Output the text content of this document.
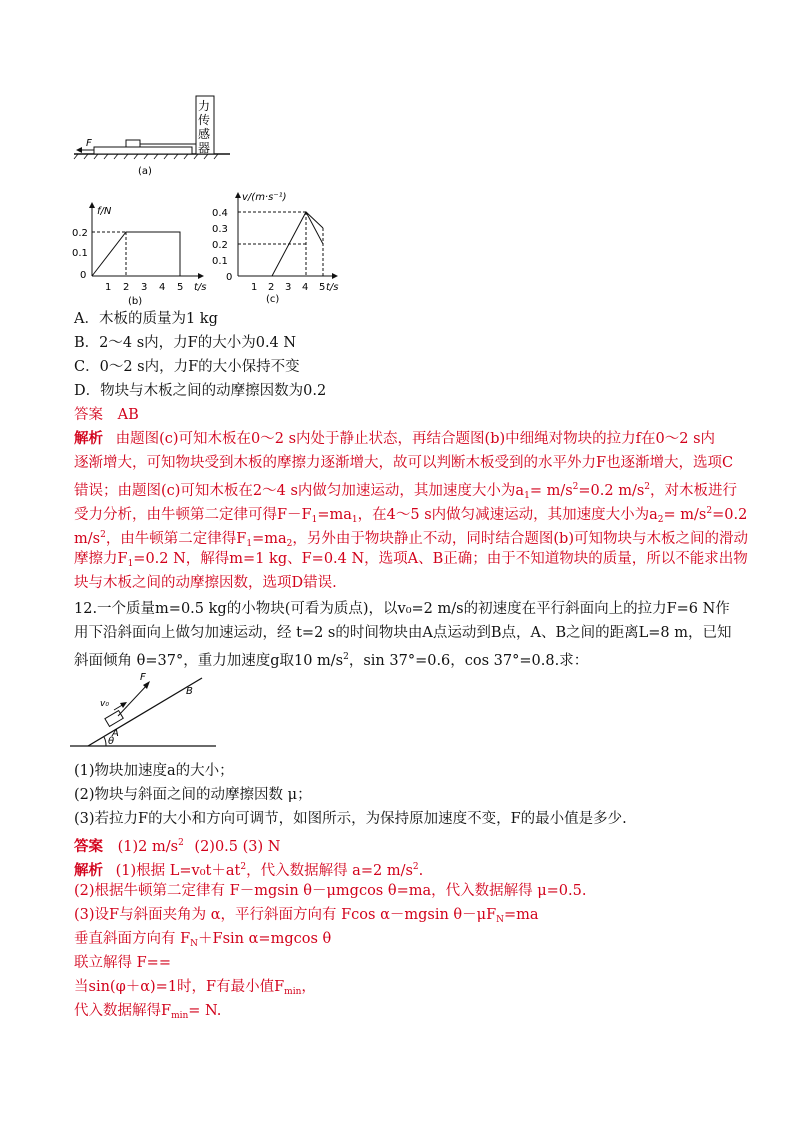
力
传
感
器
F
(a)
f/N
t/s
0.2
0.1
0
1 2 3 4 5
(b)
v/(m·s⁻¹)
t/s
0.4
0.3
0.2
0.1
0
1 2 3 4 5
(c)
A．木板的质量为1 kg
B．2～4 s内，力F的大小为0.4 N
C．0～2 s内，力F的大小保持不变
D．物块与木板之间的动摩擦因数为0.2
答案 AB
解析 由题图(c)可知木板在0～2 s内处于静止状态，再结合题图(b)中细绳对物块的拉力f在0～2 s内
逐渐增大，可知物块受到木板的摩擦力逐渐增大，故可以判断木板受到的水平外力F也逐渐增大，选项C
错误；由题图(c)可知木板在2～4 s内做匀加速运动，其加速度大小为$a_1= m/s^2=0.2$ $m/s^2$，对木板进行
受力分析，由牛顿第二定律可得$F-F_1=ma_1$，在4～5 s内做匀减速运动，其加速度大小为$a_2= m/s^2=0.2$
$m/s^2$，由牛顿第二定律得$F_1=ma_2$，另外由于物块静止不动，同时结合题图(b)可知物块与木板之间的滑动
摩擦力$F_1=0.2$ N，解得m=1 kg、F=0.4 N，选项A、B正确；由于不知道物块的质量，所以不能求出物
块与木板之间的动摩擦因数，选项D错误.
12.一个质量m=0.5 kg的小物块(可看为质点)，以v₀=2 m/s的初速度在平行斜面向上的拉力F=6 N作
用下沿斜面向上做匀加速运动，经 t=2 s的时间物块由A点运动到B点，A、B之间的距离L=8 m，已知
斜面倾角 θ=37°，重力加速度g取10 $m/s^2$，sin 37°=0.6，cos 37°=0.8.求：
θ
F
v₀
A
B
(1)物块加速度a的大小；
(2)物块与斜面之间的动摩擦因数 μ；
(3)若拉力F的大小和方向可调节，如图所示，为保持原加速度不变，F的最小值是多少.
答案 (1)2 $m/s^2$ (2)0.5 (3) N
解析 (1)根据 $L=v_0t+at^2$，代入数据解得 a=2 $m/s^2$.
(2)根据牛顿第二定律有 F－mgsin θ－μmgcos θ=ma，代入数据解得 μ=0.5.
(3)设F与斜面夹角为 α，平行斜面方向有 Fcos α－mgsin $\theta-\mu F_N=ma$
垂直斜面方向有 $F_N+Fsin$ α=mgcos θ
联立解得 F==
当sin(φ＋α)=1时，F有最小值$F_{min}$，
代入数据解得$F_{min}= N$.
